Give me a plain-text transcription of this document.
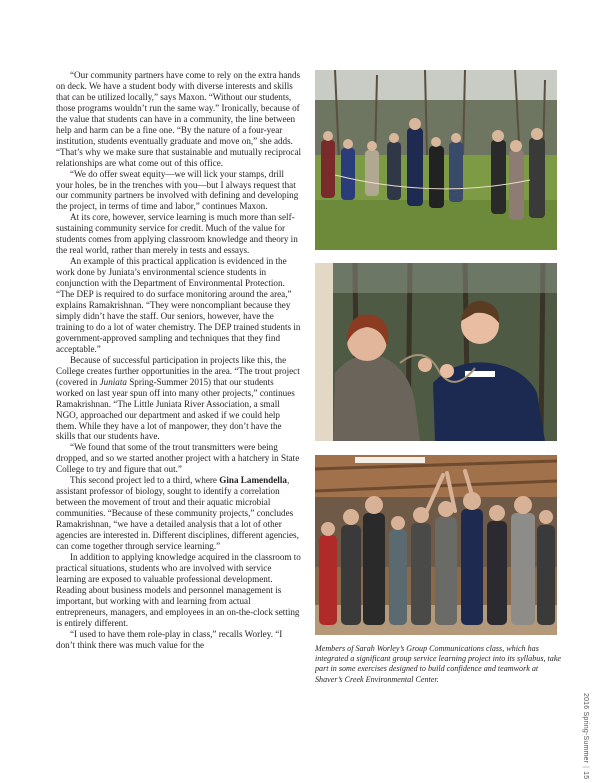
“Our community partners have come to rely on the extra hands on deck. We have a student body with diverse interests and skills that can be utilized locally,” says Maxon. “Without our students, those programs wouldn’t run the same way.” Ironically, because of the value that students can have in a community, the line between help and harm can be a fine one. “By the nature of a four-year institution, students eventually graduate and move on,” she adds. “That’s why we make sure that sustainable and mutually reciprocal relationships are what come out of this office.

“We do offer sweat equity—we will lick your stamps, drill your holes, be in the trenches with you—but I always request that our community partners be involved with defining and developing the project, in terms of time and labor,” continues Maxon.

At its core, however, service learning is much more than self-sustaining community service for credit. Much of the value for students comes from applying classroom knowledge and theory in the real world, rather than merely in tests and essays.

An example of this practical application is evidenced in the work done by Juniata’s environmental science students in conjunction with the Department of Environmental Protection. “The DEP is required to do surface monitoring around the area,” explains Ramakrishnan. “They were noncompliant because they simply didn’t have the staff. Our seniors, however, have the training to do a lot of water chemistry. The DEP trained students in government-approved sampling and techniques that they find acceptable.”

Because of successful participation in projects like this, the College creates further opportunities in the area. “The trout project (covered in Juniata Spring-Summer 2015) that our students worked on last year spun off into many other projects,” continues Ramakrishnan. “The Little Juniata River Association, a small NGO, approached our department and asked if we could help them. While they have a lot of manpower, they don’t have the skills that our students have.

“We found that some of the trout transmitters were being dropped, and so we started another project with a hatchery in State College to try and figure that out.”

This second project led to a third, where Gina Lamendella, assistant professor of biology, sought to identify a correlation between the movement of trout and their aquatic microbial communities. “Because of these community projects,” concludes Ramakrishnan, “we have a detailed analysis that a lot of other agencies are interested in. Different disciplines, different agencies, can come together through service learning.”

In addition to applying knowledge acquired in the classroom to practical situations, students who are involved with service learning are exposed to valuable professional development. Reading about business models and personnel management is important, but working with and learning from actual entrepreneurs, managers, and employees in an on-the-clock setting is entirely different.

“I used to have them role-play in class,” recalls Worley. “I don’t think there was much value for the	Members of Sarah Worley’s Group Communications class, which has integrated a significant group service learning project into its syllabus, take part in some exercises designed to build confidence and teamwork at Shaver’s Creek Environmental Center.
2016 Spring-Summer|15
